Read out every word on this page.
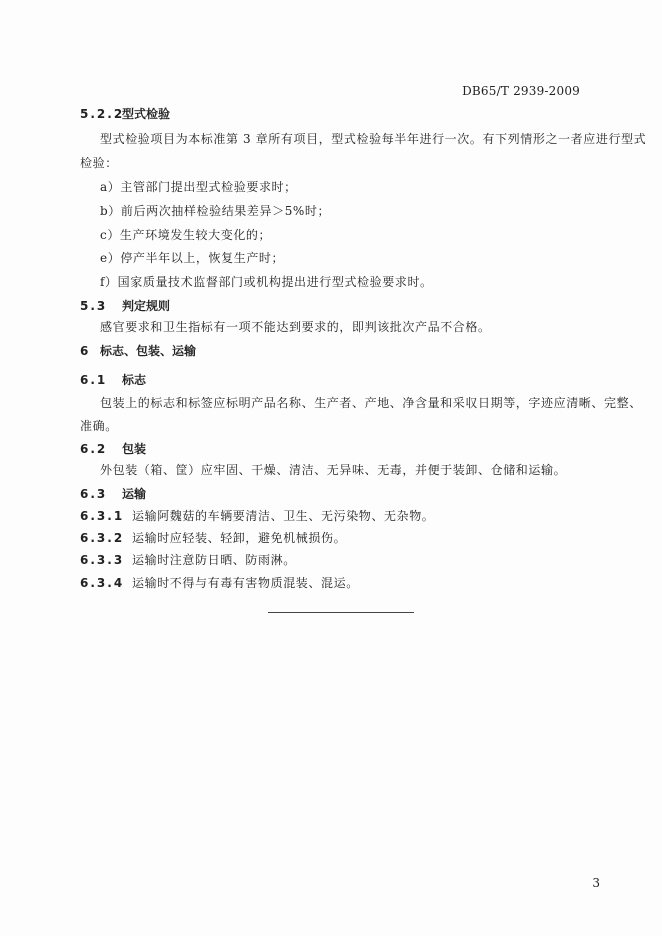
DB65/T 2939-2009
5.2.2型式检验
型式检验项目为本标准第 3 章所有项目，型式检验每半年进行一次。有下列情形之一者应进行型式
检验：
a）主管部门提出型式检验要求时；
b）前后两次抽样检验结果差异＞5%时；
c）生产环境发生较大变化的；
e）停产半年以上，恢复生产时；
f）国家质量技术监督部门或机构提出进行型式检验要求时。
5.3 判定规则
感官要求和卫生指标有一项不能达到要求的，即判该批次产品不合格。
6 标志、包装、运输
6.1 标志
包装上的标志和标签应标明产品名称、生产者、产地、净含量和采収日期等，字迹应清晰、完整、
准确。
6.2 包装
外包装（箱、筐）应牢固、干燥、清洁、无异味、无毒，并便于装卸、仓储和运输。
6.3 运输
6.3.1 运输阿魏菇的车辆要清洁、卫生、无污染物、无杂物。
6.3.2 运输时应轻装、轻卸，避免机械损伤。
6.3.3 运输时注意防日晒、防雨淋。
6.3.4 运输时不得与有毒有害物质混装、混运。
3
